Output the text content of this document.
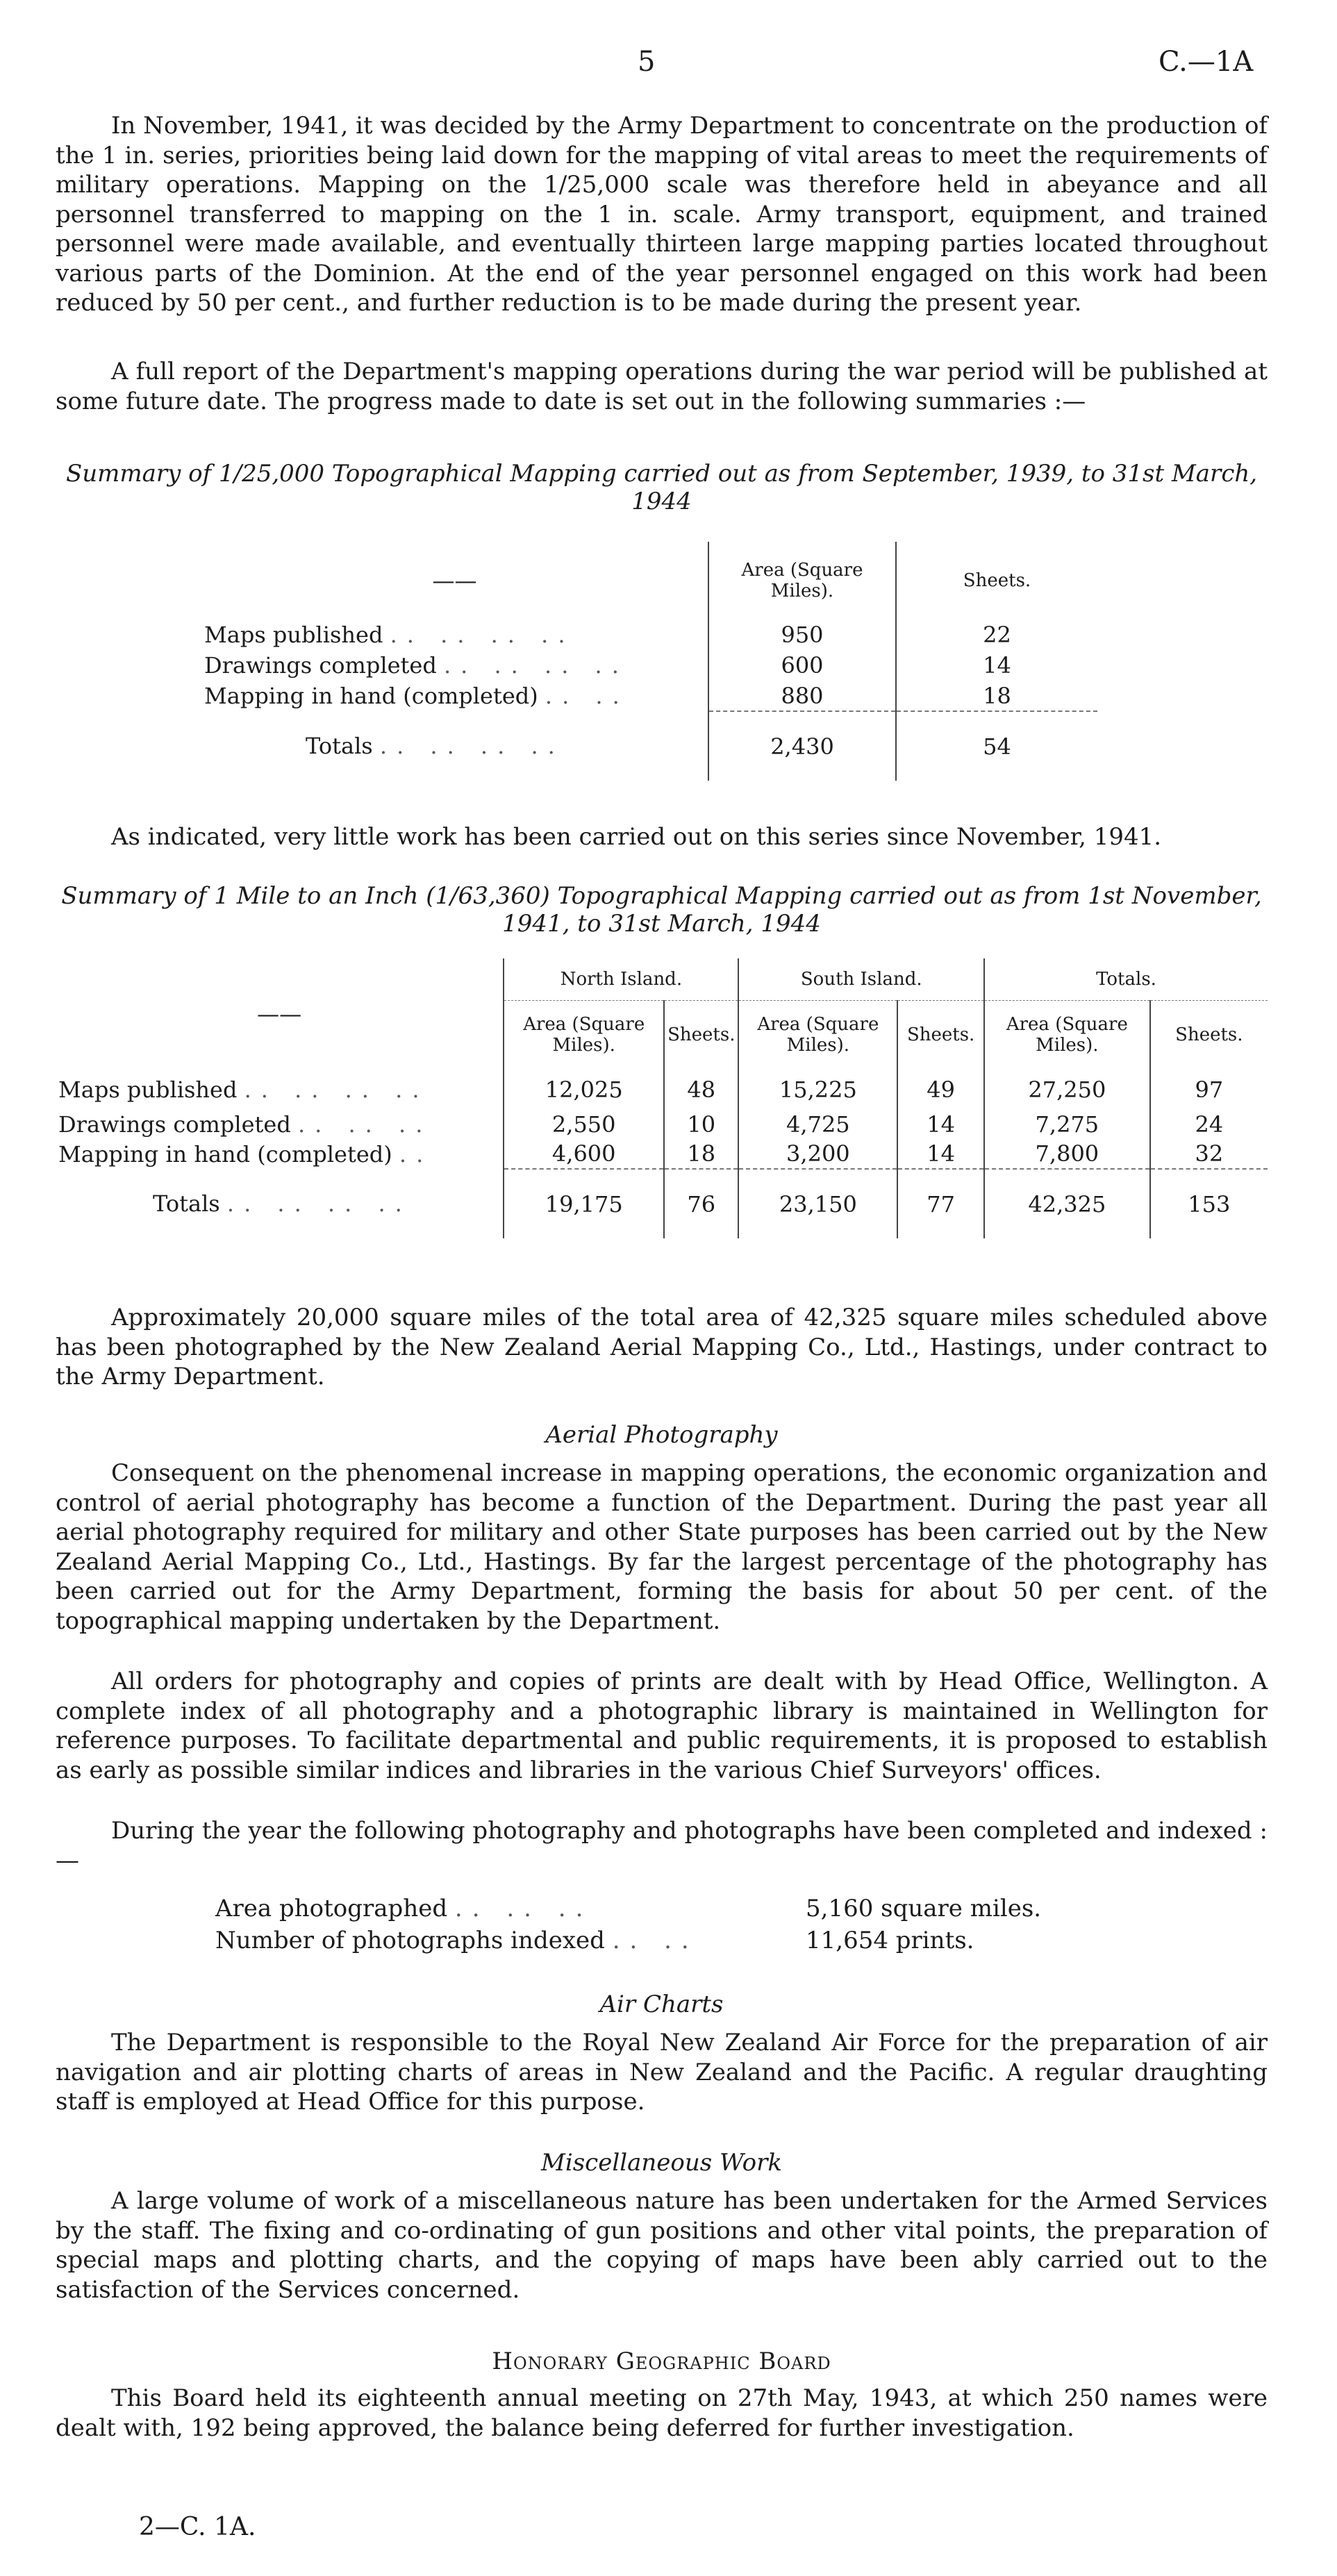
5	C.—1A

In November, 1941, it was decided by the Army Department to concentrate on the production of the 1 in. series, priorities being laid down for the mapping of vital areas to meet the requirements of military operations. Mapping on the 1/25,000 scale was therefore held in abeyance and all personnel transferred to mapping on the 1 in. scale. Army transport, equipment, and trained personnel were made available, and eventually thirteen large mapping parties located throughout various parts of the Dominion. At the end of the year personnel engaged on this work had been reduced by 50 per cent., and further reduction is to be made during the present year.

A full report of the Department's mapping operations during the war period will be published at some future date. The progress made to date is set out in the following summaries :—

Summary of 1/25,000 Topographical Mapping carried out as from September, 1939, to 31st March, 1944

——	Area (Square Miles).	Sheets.
Maps published .. .. .. ..	950	22
Drawings completed .. .. .. ..	600	14
Mapping in hand (completed) .. ..	880	18
Totals .. .. .. ..	2,430	54

As indicated, very little work has been carried out on this series since November, 1941.

Summary of 1 Mile to an Inch (1/63,360) Topographical Mapping carried out as from 1st November, 1941, to 31st March, 1944

——	North Island.		South Island.		Totals.	
	Area (Square Miles).	Sheets.	Area (Square Miles).	Sheets.	Area (Square Miles).	Sheets.
Maps published .. .. .. ..	12,025	48	15,225	49	27,250	97
Drawings completed .. .. ..	2,550	10	4,725	14	7,275	24
Mapping in hand (completed) ..	4,600	18	3,200	14	7,800	32
Totals .. .. .. ..	19,175	76	23,150	77	42,325	153

Approximately 20,000 square miles of the total area of 42,325 square miles scheduled above has been photographed by the New Zealand Aerial Mapping Co., Ltd., Hastings, under contract to the Army Department.

Aerial Photography

Consequent on the phenomenal increase in mapping operations, the economic organization and control of aerial photography has become a function of the Department. During the past year all aerial photography required for military and other State purposes has been carried out by the New Zealand Aerial Mapping Co., Ltd., Hastings. By far the largest percentage of the photography has been carried out for the Army Department, forming the basis for about 50 per cent. of the topographical mapping undertaken by the Department.

All orders for photography and copies of prints are dealt with by Head Office, Wellington. A complete index of all photography and a photographic library is maintained in Wellington for reference purposes. To facilitate departmental and public requirements, it is proposed to establish as early as possible similar indices and libraries in the various Chief Surveyors' offices.

During the year the following photography and photographs have been completed and indexed :—

Area photographed .. .. ..	5,160 square miles.
Number of photographs indexed .. ..	11,654 prints.

Air Charts

The Department is responsible to the Royal New Zealand Air Force for the preparation of air navigation and air plotting charts of areas in New Zealand and the Pacific. A regular draughting staff is employed at Head Office for this purpose.

Miscellaneous Work

A large volume of work of a miscellaneous nature has been undertaken for the Armed Services by the staff. The fixing and co-ordinating of gun positions and other vital points, the preparation of special maps and plotting charts, and the copying of maps have been ably carried out to the satisfaction of the Services concerned.

Honorary Geographic Board

This Board held its eighteenth annual meeting on 27th May, 1943, at which 250 names were dealt with, 192 being approved, the balance being deferred for further investigation.

2—C. 1A.
